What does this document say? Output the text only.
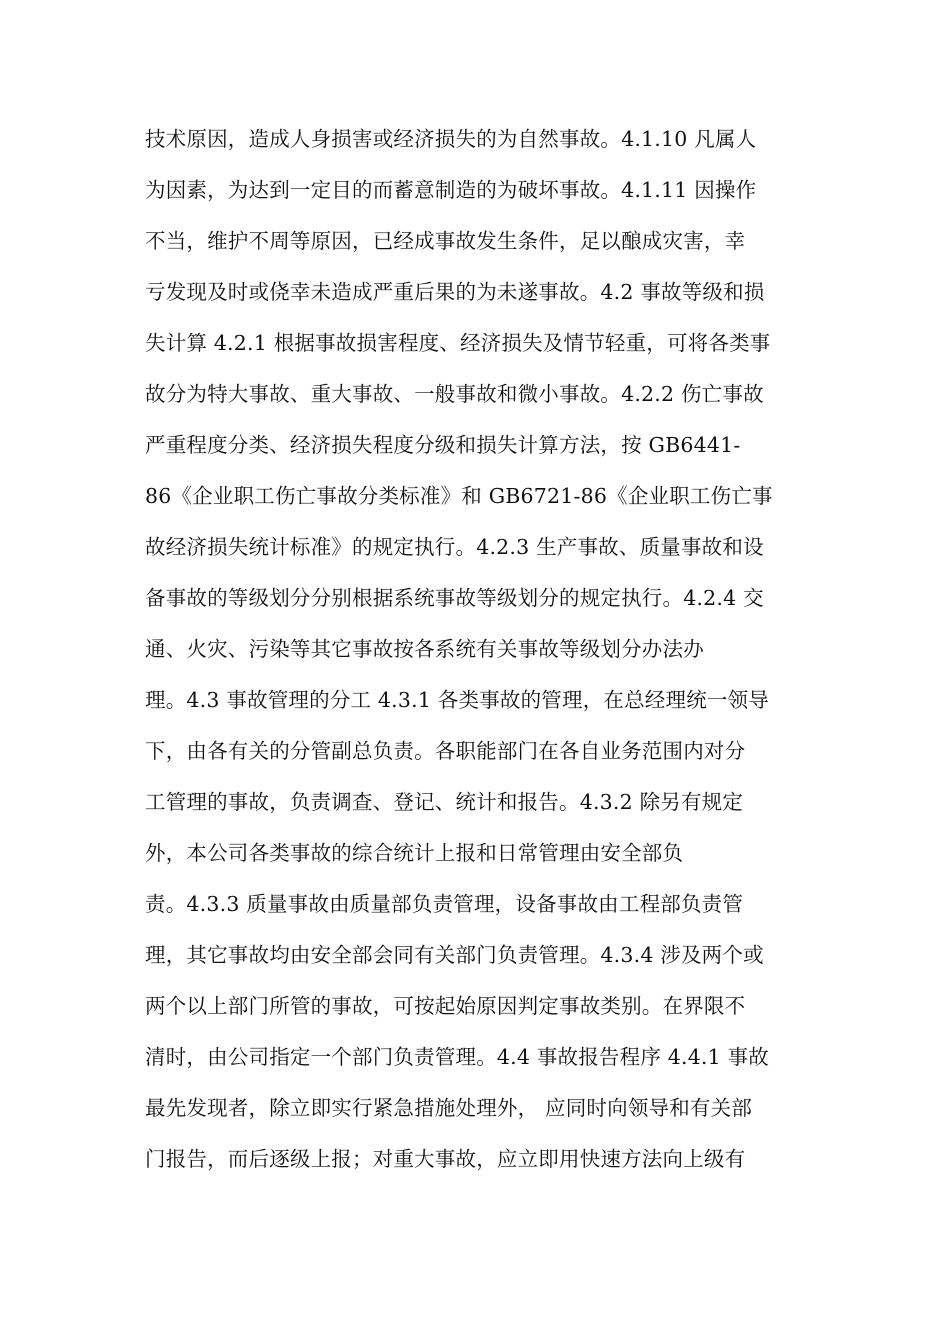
技术原因，造成人身损害或经济损失的为自然事故。4.1.10 凡属人
为因素，为达到一定目的而蓄意制造的为破坏事故。4.1.11 因操作
不当，维护不周等原因，已经成事故发生条件，足以酿成灾害，幸
亏发现及时或侥幸未造成严重后果的为未遂事故。4.2 事故等级和损
失计算 4.2.1 根据事故损害程度、经济损失及情节轻重，可将各类事
故分为特大事故、重大事故、一般事故和微小事故。4.2.2 伤亡事故
严重程度分类、经济损失程度分级和损失计算方法，按 GB6441-
86《企业职工伤亡事故分类标准》和 GB6721-86《企业职工伤亡事
故经济损失统计标准》的规定执行。4.2.3 生产事故、质量事故和设
备事故的等级划分分别根据系统事故等级划分的规定执行。4.2.4 交
通、火灾、污染等其它事故按各系统有关事故等级划分办法办
理。4.3 事故管理的分工 4.3.1 各类事故的管理，在总经理统一领导
下，由各有关的分管副总负责。各职能部门在各自业务范围内对分
工管理的事故，负责调查、登记、统计和报告。4.3.2 除另有规定
外，本公司各类事故的综合统计上报和日常管理由安全部负
责。4.3.3 质量事故由质量部负责管理，设备事故由工程部负责管
理，其它事故均由安全部会同有关部门负责管理。4.3.4 涉及两个或
两个以上部门所管的事故，可按起始原因判定事故类别。在界限不
清时，由公司指定一个部门负责管理。4.4 事故报告程序 4.4.1 事故
最先发现者，除立即实行紧急措施处理外， 应同时向领导和有关部
门报告，而后逐级上报；对重大事故，应立即用快速方法向上级有
